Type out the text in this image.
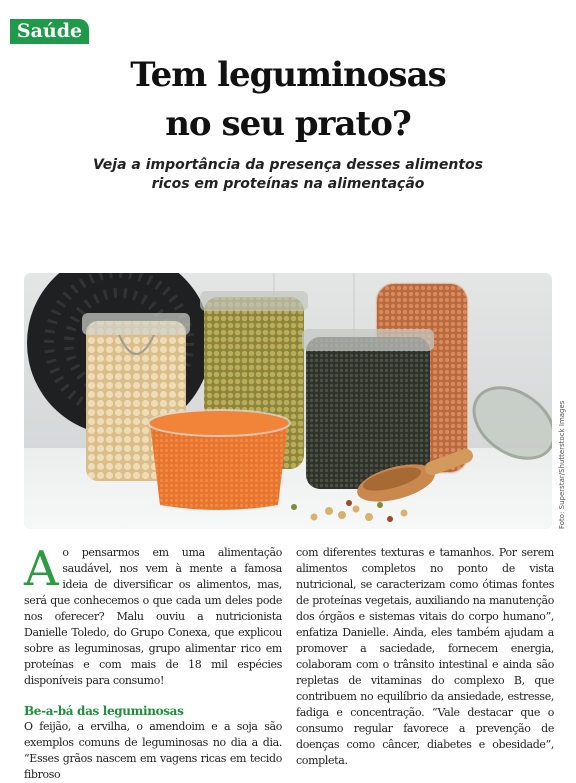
Saúde
Tem leguminosas
no seu prato?
Veja a importância da presença desses alimentos
ricos em proteínas na alimentação
Foto: Superstar/Shutterstock Images
A o pensarmos em uma alimentação saudável, nos vem à mente a famosa ideia de diversificar os alimentos, mas, será que conhecemos o que cada um deles pode nos oferecer? Malu ouviu a nutricionista Danielle Toledo, do Grupo Conexa, que explicou sobre as leguminosas, grupo alimentar rico em proteínas e com mais de 18 mil espécies disponíveis para consumo!

Be-a-bá das leguminosas

O feijão, a ervilha, o amendoim e a soja são exemplos comuns de leguminosas no dia a dia. “Esses grãos nascem em vagens ricas em tecido fibroso

com diferentes texturas e tamanhos. Por serem alimentos completos no ponto de vista nutricional, se caracterizam como ótimas fontes de proteínas vegetais, auxiliando na manutenção dos órgãos e sistemas vitais do corpo humano”, enfatiza Danielle. Ainda, eles também ajudam a promover a saciedade, fornecem energia, colaboram com o trânsito intestinal e ainda são repletas de vitaminas do complexo B, que contribuem no equilíbrio da ansiedade, estresse, fadiga e concentração. “Vale destacar que o consumo regular favorece a prevenção de doenças como câncer, diabetes e obesidade”, completa.
